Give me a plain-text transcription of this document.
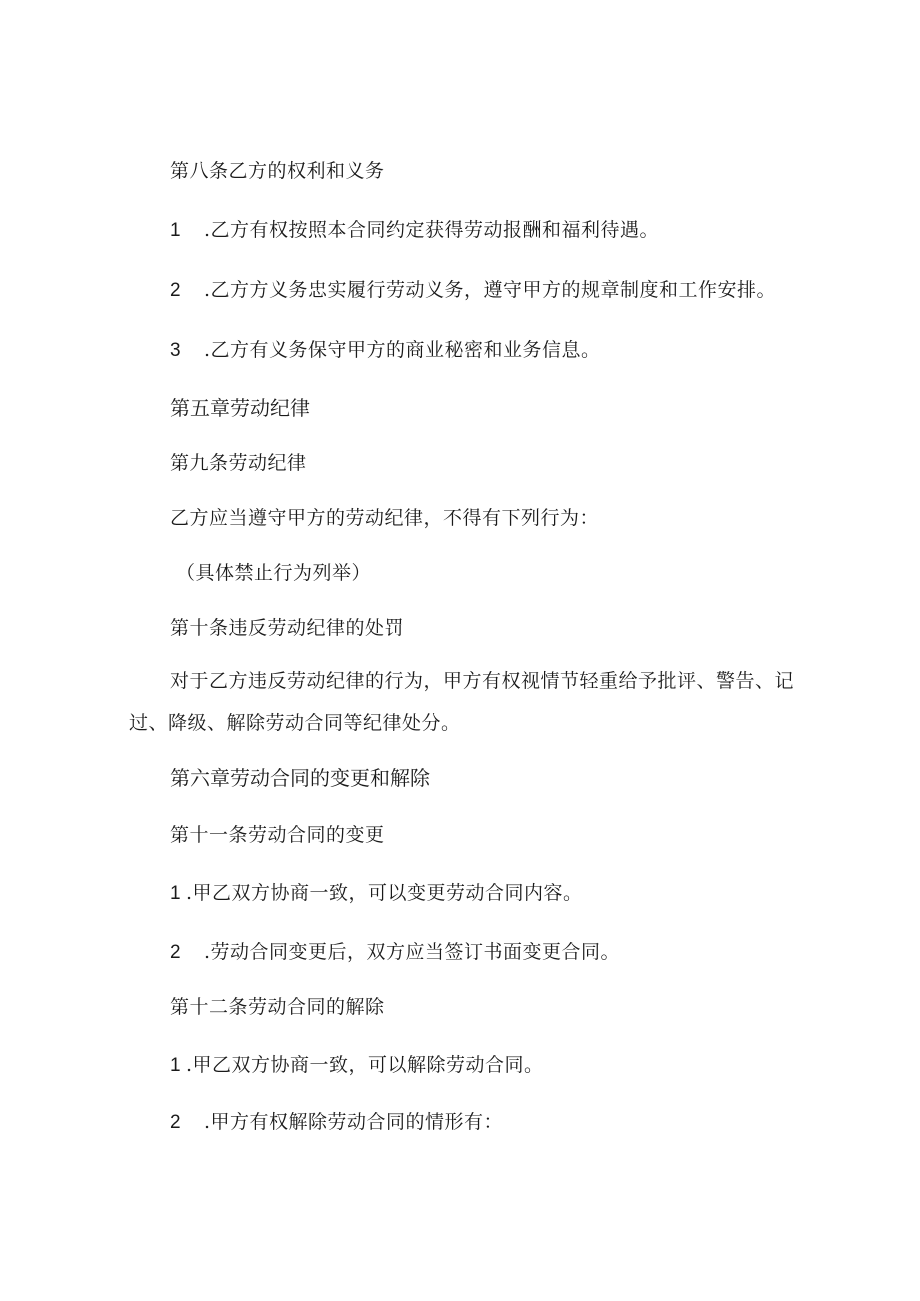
第八条乙方的权利和义务
1 .乙方有权按照本合同约定获得劳动报酬和福利待遇。
2 .乙方方义务忠实履行劳动义务，遵守甲方的规章制度和工作安排。
3 .乙方有义务保守甲方的商业秘密和业务信息。
第五章劳动纪律
第九条劳动纪律
乙方应当遵守甲方的劳动纪律，不得有下列行为：
（具体禁止行为列举）
第十条违反劳动纪律的处罚
对于乙方违反劳动纪律的行为，甲方有权视情节轻重给予批评、警告、记
过、降级、解除劳动合同等纪律处分。
第六章劳动合同的变更和解除
第十一条劳动合同的变更
1 .甲乙双方协商一致，可以变更劳动合同内容。
2 .劳动合同变更后，双方应当签订书面变更合同。
第十二条劳动合同的解除
1 .甲乙双方协商一致，可以解除劳动合同。
2 .甲方有权解除劳动合同的情形有：
